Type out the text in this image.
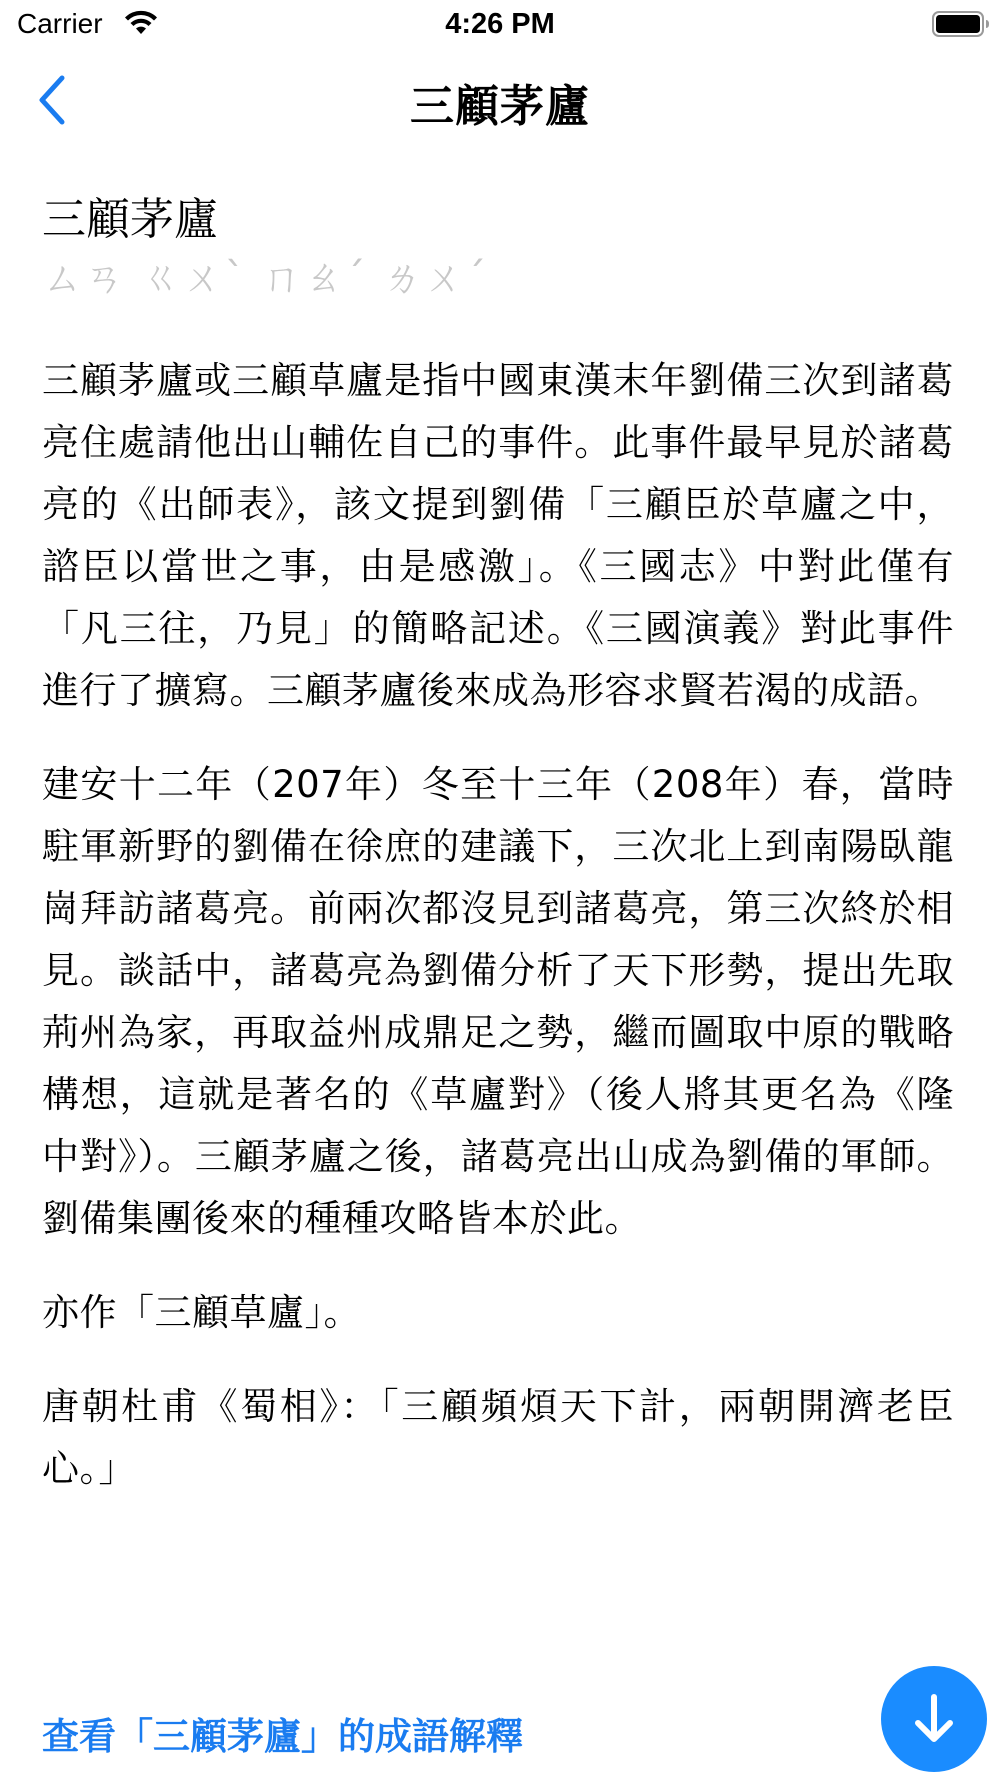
Carrier	4:26 PM
三顧茅廬
三顧茅廬
ㄙㄢ ㄍㄨˋ ㄇㄠˊ ㄌㄨˊ

三顧茅廬或三顧草廬是指中國東漢末年劉備三次到諸葛亮住處請他出山輔佐自己的事件。此事件最早見於諸葛亮的《出師表》，該文提到劉備「三顧臣於草廬之中，諮臣以當世之事，由是感激」。《三國志》中對此僅有「凡三往，乃見」的簡略記述。《三國演義》對此事件進行了擴寫。三顧茅廬後來成為形容求賢若渴的成語。

建安十二年（207年）冬至十三年（208年）春，當時駐軍新野的劉備在徐庶的建議下，三次北上到南陽臥龍崗拜訪諸葛亮。前兩次都沒見到諸葛亮，第三次終於相見。談話中，諸葛亮為劉備分析了天下形勢，提出先取荊州為家，再取益州成鼎足之勢，繼而圖取中原的戰略構想，這就是著名的《草廬對》（後人將其更名為《隆中對》）。三顧茅廬之後，諸葛亮出山成為劉備的軍師。劉備集團後來的種種攻略皆本於此。

亦作「三顧草廬」。

唐朝杜甫《蜀相》：「三顧頻煩天下計，兩朝開濟老臣心。」

查看「三顧茅廬」的成語解釋
